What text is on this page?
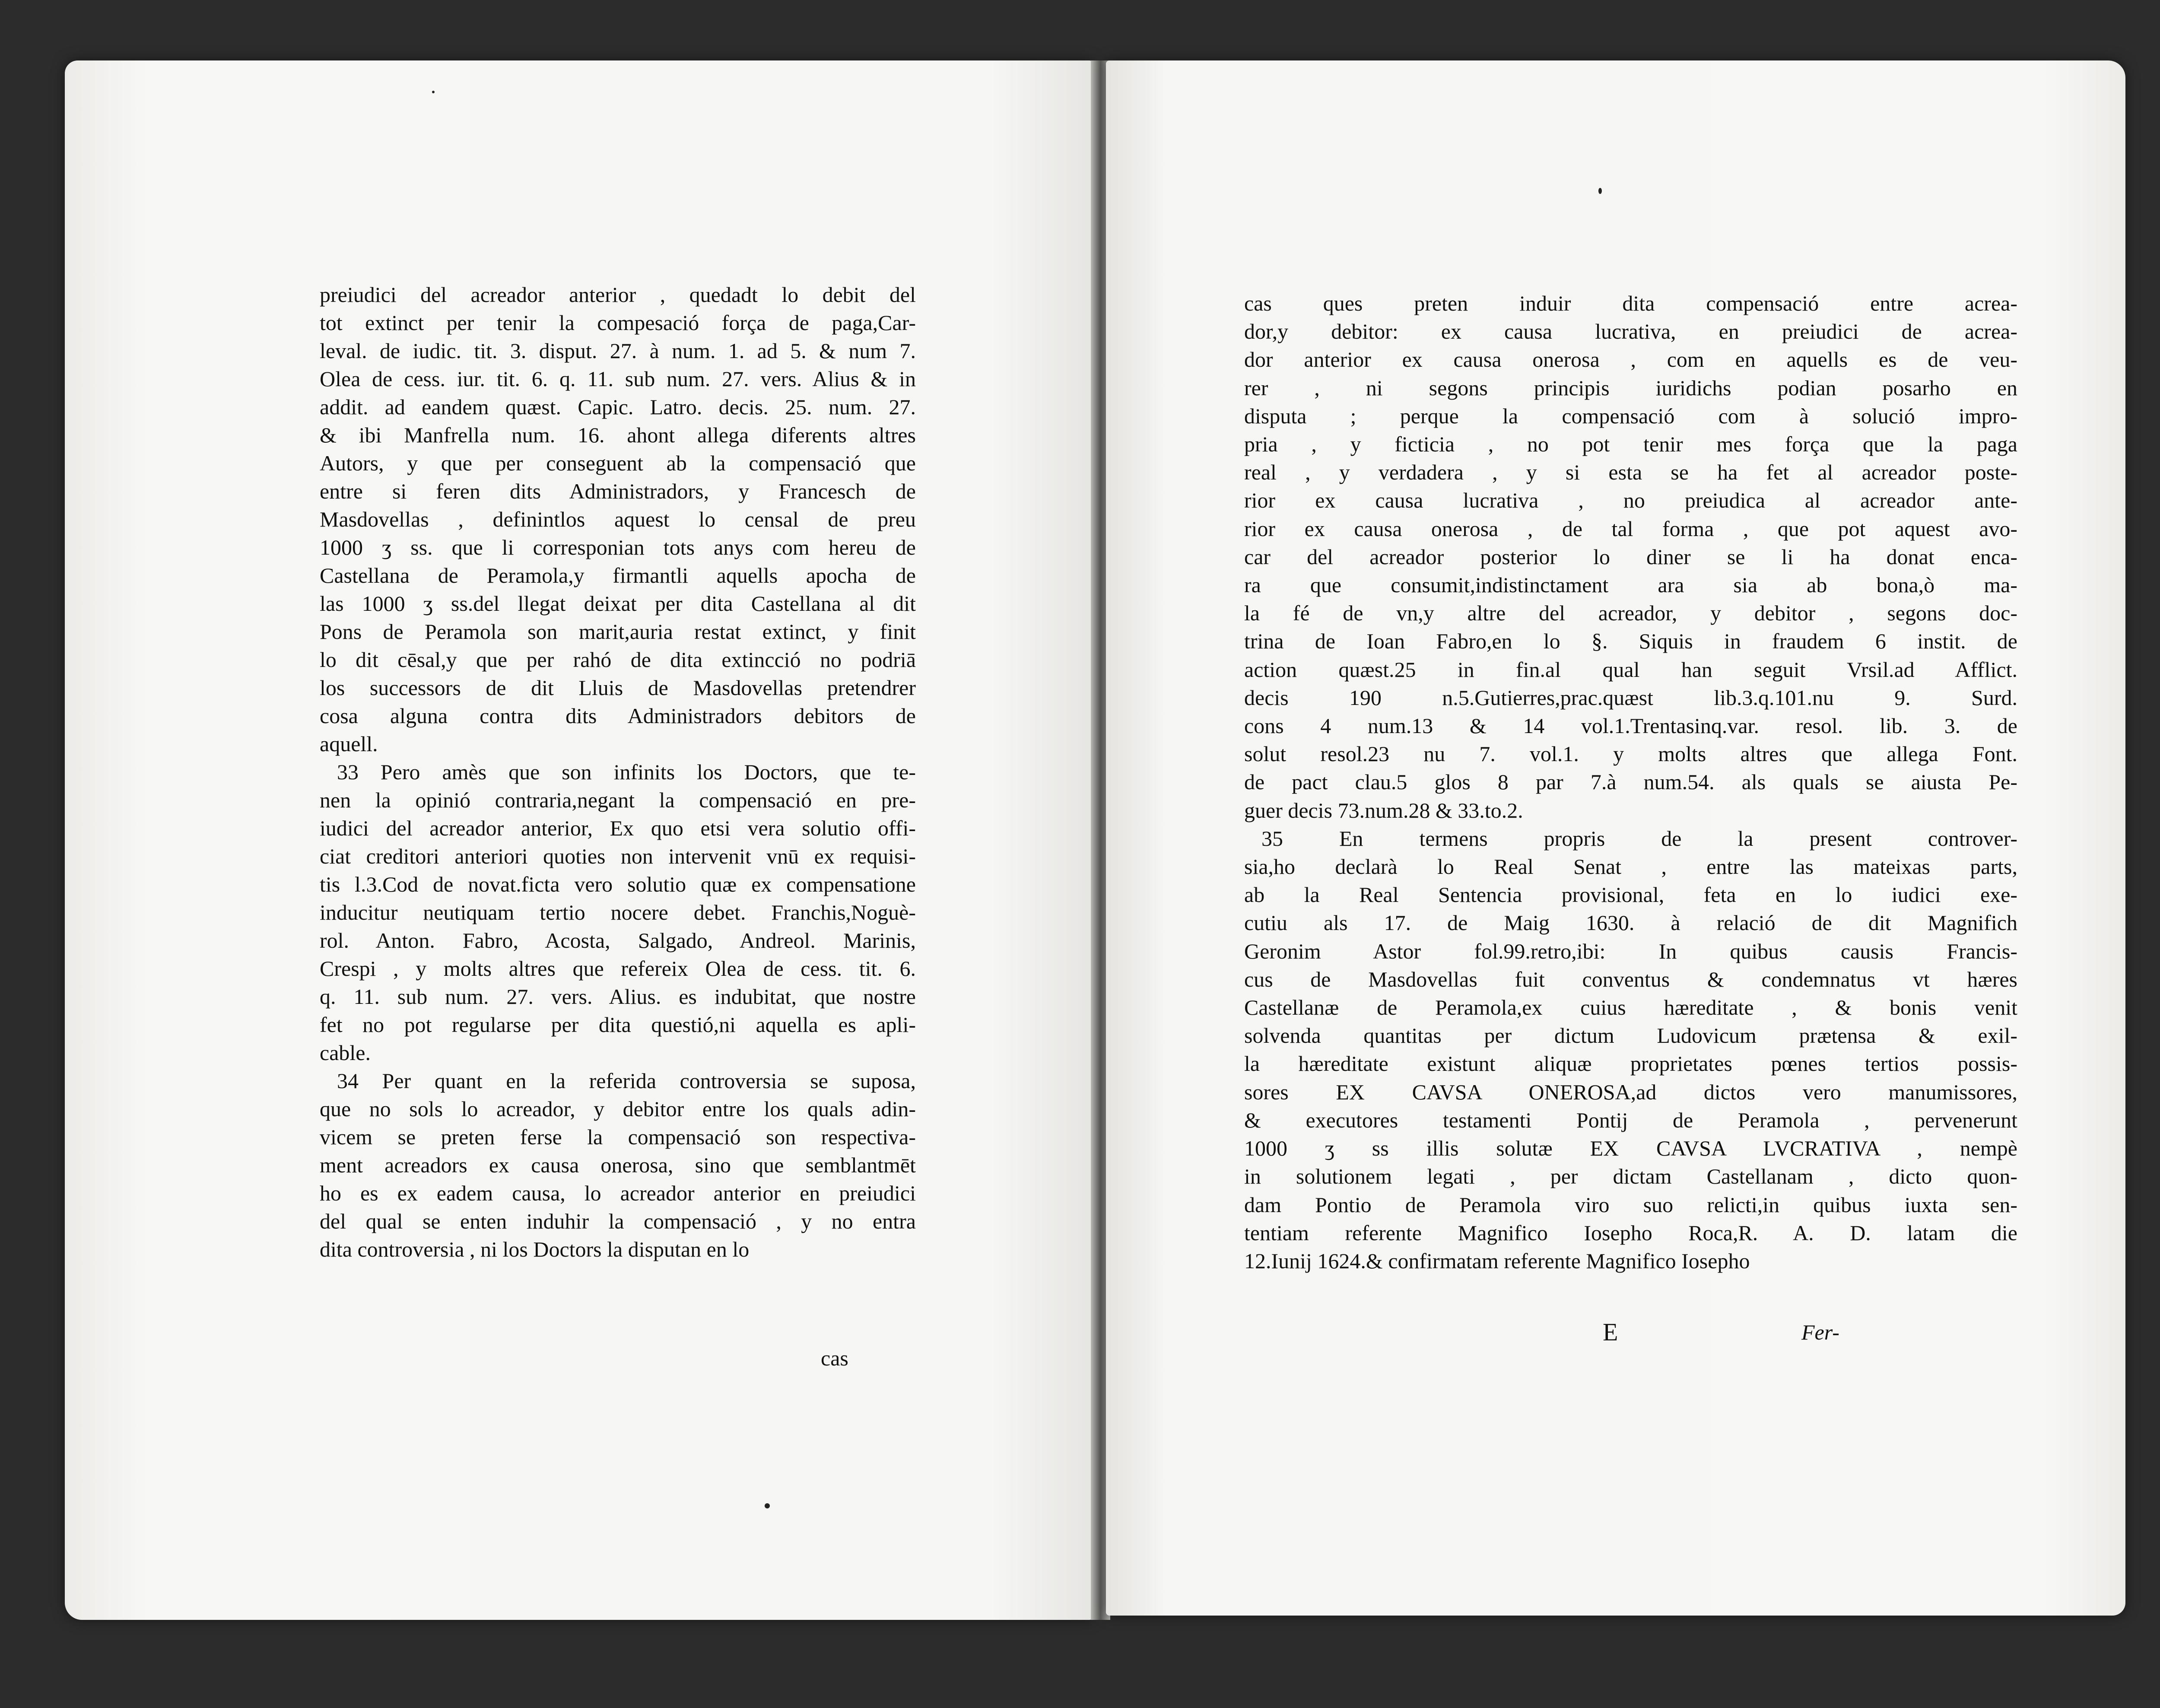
preiudici del acreador anterior , quedadt lo debit del
tot extinct per tenir la compesació força de paga,Car-
leval. de iudic. tit. 3. disput. 27. à num. 1. ad 5. & num 7.
Olea de cess. iur. tit. 6. q. 11. sub num. 27. vers. Alius & in
addit. ad eandem quæst. Capic. Latro. decis. 25. num. 27.
& ibi Manfrella num. 16. ahont allega diferents altres
Autors, y que per conseguent ab la compensació que
entre si feren dits Administradors, y Francesch de
Masdovellas , definintlos aquest lo censal de preu
1000 ʒ ss. que li corresponian tots anys com hereu de
Castellana de Peramola,y firmantli aquells apocha de
las 1000 ʒ ss.del llegat deixat per dita Castellana al dit
Pons de Peramola son marit,auria restat extinct, y finit
lo dit cēsal,y que per rahó de dita extincció no podriā
los successors de dit Lluis de Masdovellas pretendrer
cosa alguna contra dits Administradors debitors de
aquell.
33 Pero amès que son infinits los Doctors, que te-
nen la opinió contraria,negant la compensació en pre-
iudici del acreador anterior, Ex quo etsi vera solutio offi-
ciat creditori anteriori quoties non intervenit vnū ex requisi-
tis l.3.Cod de novat.ficta vero solutio quæ ex compensatione
inducitur neutiquam tertio nocere debet. Franchis,Noguè-
rol. Anton. Fabro, Acosta, Salgado, Andreol. Marinis,
Crespi , y molts altres que refereix Olea de cess. tit. 6.
q. 11. sub num. 27. vers. Alius. es indubitat, que nostre
fet no pot regularse per dita questió,ni aquella es apli-
cable.
34 Per quant en la referida controversia se suposa,
que no sols lo acreador, y debitor entre los quals adin-
vicem se preten ferse la compensació son respectiva-
ment acreadors ex causa onerosa, sino que semblantmēt
ho es ex eadem causa, lo acreador anterior en preiudici
del qual se enten induhir la compensació , y no entra
dita controversia , ni los Doctors la disputan en lo
cas ques preten induir dita compensació entre acrea-
dor,y debitor: ex causa lucrativa, en preiudici de acrea-
dor anterior ex causa onerosa , com en aquells es de veu-
rer , ni segons principis iuridichs podian posarho en
disputa ; perque la compensació com à solució impro-
pria , y ficticia , no pot tenir mes força que la paga
real , y verdadera , y si esta se ha fet al acreador poste-
rior ex causa lucrativa , no preiudica al acreador ante-
rior ex causa onerosa , de tal forma , que pot aquest avo-
car del acreador posterior lo diner se li ha donat enca-
ra que consumit,indistinctament ara sia ab bona,ò ma-
la fé de vn,y altre del acreador, y debitor , segons doc-
trina de Ioan Fabro,en lo §. Siquis in fraudem 6 instit. de
action quæst.25 in fin.al qual han seguit Vrsil.ad Afflict.
decis 190 n.5.Gutierres,prac.quæst lib.3.q.101.nu 9. Surd.
cons 4 num.13 & 14 vol.1.Trentasinq.var. resol. lib. 3. de
solut resol.23 nu 7. vol.1. y molts altres que allega Font.
de pact clau.5 glos 8 par 7.à num.54. als quals se aiusta Pe-
guer decis 73.num.28 & 33.to.2.
35 En termens propris de la present controver-
sia,ho declarà lo Real Senat , entre las mateixas parts,
ab la Real Sentencia provisional, feta en lo iudici exe-
cutiu als 17. de Maig 1630. à relació de dit Magnifich
Geronim Astor fol.99.retro,ibi: In quibus causis Francis-
cus de Masdovellas fuit conventus & condemnatus vt hæres
Castellanæ de Peramola,ex cuius hæreditate , & bonis venit
solvenda quantitas per dictum Ludovicum prætensa & exil-
la hæreditate existunt aliquæ proprietates pœnes tertios possis-
sores EX CAVSA ONEROSA,ad dictos vero manumissores,
& executores testamenti Pontij de Peramola , pervenerunt
1000 ʒ ss illis solutæ EX CAVSA LVCRATIVA , nempè
in solutionem legati , per dictam Castellanam , dicto quon-
dam Pontio de Peramola viro suo relicti,in quibus iuxta sen-
tentiam referente Magnifico Iosepho Roca,R. A. D. latam die
12.Iunij 1624.& confirmatam referente Magnifico Iosepho
cas
E	Fer-
